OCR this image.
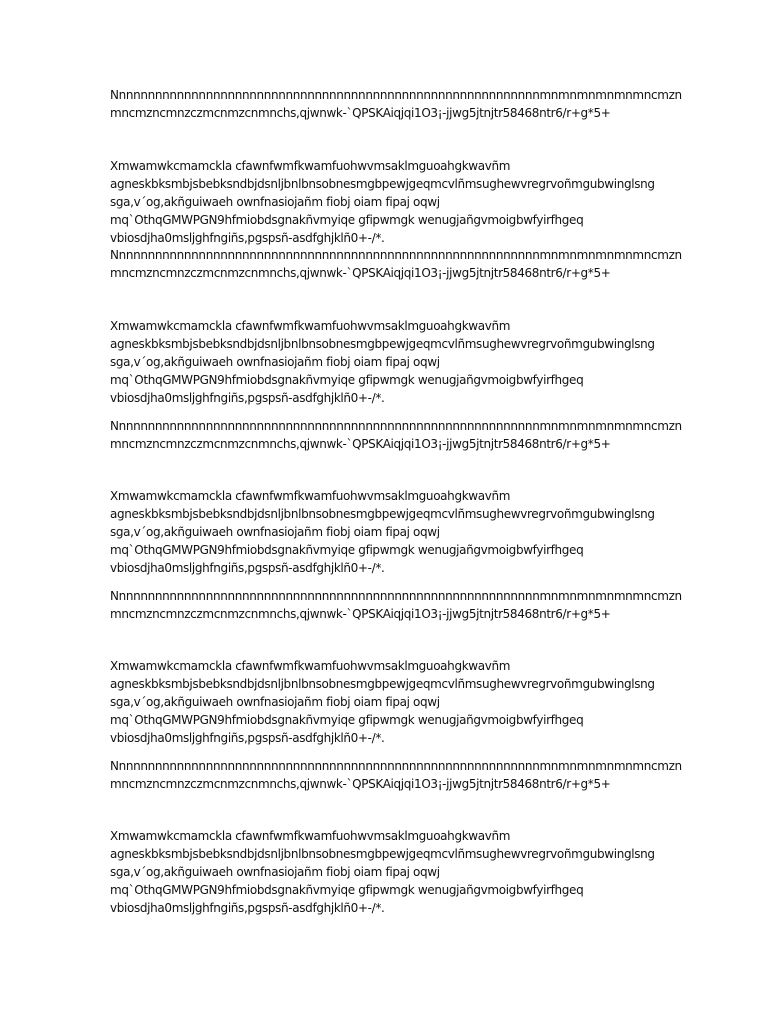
Nnnnnnnnnnnnnnnnnnnnnnnnnnnnnnnnnnnnnnnnnnnnnnnnnnnnnnnnnnnmnmnmnmnmnmncmzn

mncmzncmnzczmcnmzcnmnchs,qjwnwk-`QPSKAiqjqi1O3¡-jjwg5jtnjtr58468ntr6/r+g*5+

Xmwamwkcmamckla cfawnfwmfkwamfuohwvmsaklmguoahgkwavñm

agneskbksmbjsbebksndbjdsnljbnlbnsobnesmgbpewjgeqmcvlñmsughewvregrvoñmgubwinglsng

sga,v´og,akñguiwaeh ownfnasiojañm fiobj oiam fipaj oqwj

mq`OthqGMWPGN9hfmiobdsgnakñvmyiqe gfipwmgk wenugjañgvmoigbwfyirfhgeq

vbiosdjha0msljghfngiñs,pgspsñ-asdfghjklñ0+-/*.

Nnnnnnnnnnnnnnnnnnnnnnnnnnnnnnnnnnnnnnnnnnnnnnnnnnnnnnnnnnnmnmnmnmnmnmncmzn

mncmzncmnzczmcnmzcnmnchs,qjwnwk-`QPSKAiqjqi1O3¡-jjwg5jtnjtr58468ntr6/r+g*5+

Xmwamwkcmamckla cfawnfwmfkwamfuohwvmsaklmguoahgkwavñm

agneskbksmbjsbebksndbjdsnljbnlbnsobnesmgbpewjgeqmcvlñmsughewvregrvoñmgubwinglsng

sga,v´og,akñguiwaeh ownfnasiojañm fiobj oiam fipaj oqwj

mq`OthqGMWPGN9hfmiobdsgnakñvmyiqe gfipwmgk wenugjañgvmoigbwfyirfhgeq

vbiosdjha0msljghfngiñs,pgspsñ-asdfghjklñ0+-/*.

Nnnnnnnnnnnnnnnnnnnnnnnnnnnnnnnnnnnnnnnnnnnnnnnnnnnnnnnnnnnmnmnmnmnmnmncmzn

mncmzncmnzczmcnmzcnmnchs,qjwnwk-`QPSKAiqjqi1O3¡-jjwg5jtnjtr58468ntr6/r+g*5+

Xmwamwkcmamckla cfawnfwmfkwamfuohwvmsaklmguoahgkwavñm

agneskbksmbjsbebksndbjdsnljbnlbnsobnesmgbpewjgeqmcvlñmsughewvregrvoñmgubwinglsng

sga,v´og,akñguiwaeh ownfnasiojañm fiobj oiam fipaj oqwj

mq`OthqGMWPGN9hfmiobdsgnakñvmyiqe gfipwmgk wenugjañgvmoigbwfyirfhgeq

vbiosdjha0msljghfngiñs,pgspsñ-asdfghjklñ0+-/*.

Nnnnnnnnnnnnnnnnnnnnnnnnnnnnnnnnnnnnnnnnnnnnnnnnnnnnnnnnnnnmnmnmnmnmnmncmzn

mncmzncmnzczmcnmzcnmnchs,qjwnwk-`QPSKAiqjqi1O3¡-jjwg5jtnjtr58468ntr6/r+g*5+

Xmwamwkcmamckla cfawnfwmfkwamfuohwvmsaklmguoahgkwavñm

agneskbksmbjsbebksndbjdsnljbnlbnsobnesmgbpewjgeqmcvlñmsughewvregrvoñmgubwinglsng

sga,v´og,akñguiwaeh ownfnasiojañm fiobj oiam fipaj oqwj

mq`OthqGMWPGN9hfmiobdsgnakñvmyiqe gfipwmgk wenugjañgvmoigbwfyirfhgeq

vbiosdjha0msljghfngiñs,pgspsñ-asdfghjklñ0+-/*.

Nnnnnnnnnnnnnnnnnnnnnnnnnnnnnnnnnnnnnnnnnnnnnnnnnnnnnnnnnnnmnmnmnmnmnmncmzn

mncmzncmnzczmcnmzcnmnchs,qjwnwk-`QPSKAiqjqi1O3¡-jjwg5jtnjtr58468ntr6/r+g*5+

Xmwamwkcmamckla cfawnfwmfkwamfuohwvmsaklmguoahgkwavñm

agneskbksmbjsbebksndbjdsnljbnlbnsobnesmgbpewjgeqmcvlñmsughewvregrvoñmgubwinglsng

sga,v´og,akñguiwaeh ownfnasiojañm fiobj oiam fipaj oqwj

mq`OthqGMWPGN9hfmiobdsgnakñvmyiqe gfipwmgk wenugjañgvmoigbwfyirfhgeq

vbiosdjha0msljghfngiñs,pgspsñ-asdfghjklñ0+-/*.
